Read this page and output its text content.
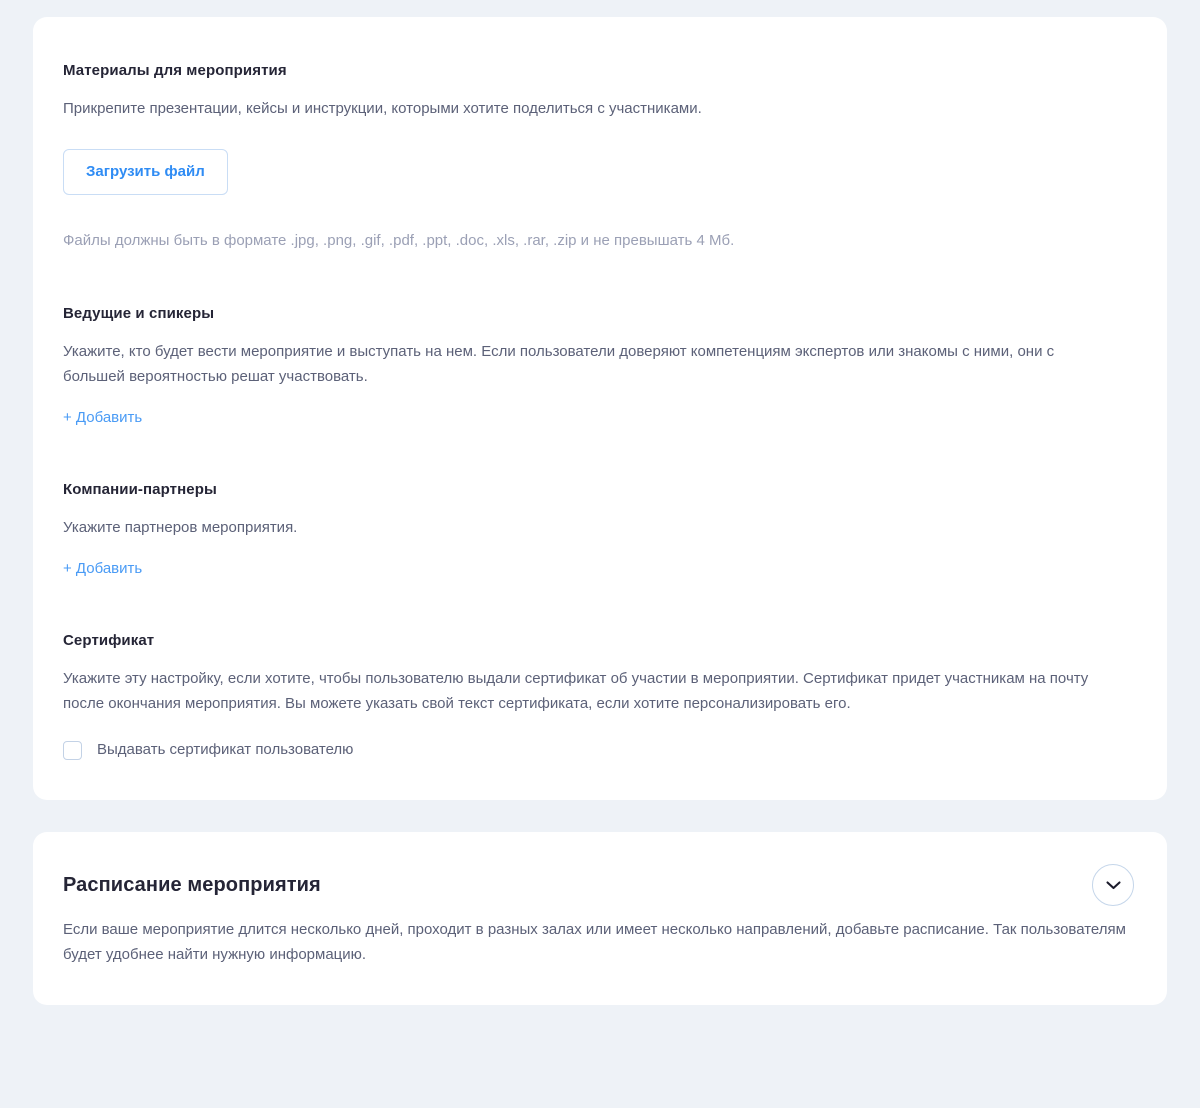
Материалы для мероприятия

Прикрепите презентации, кейсы и инструкции, которыми хотите поделиться с участниками.

Загрузить файл

Файлы должны быть в формате .jpg, .png, .gif, .pdf, .ppt, .doc, .xls, .rar, .zip и не превышать 4 Мб.

Ведущие и спикеры

Укажите, кто будет вести мероприятие и выступать на нем. Если пользователи доверяют компетенциям экспертов или знакомы с ними, они с большей вероятностью решат участвовать.

+ Добавить
Компании-партнеры

Укажите партнеров мероприятия.

+ Добавить
Сертификат

Укажите эту настройку, если хотите, чтобы пользователю выдали сертификат об участии в мероприятии. Сертификат придет участникам на почту после окончания мероприятия. Вы можете указать свой текст сертификата, если хотите персонализировать его.

Выдавать сертификат пользователю
Расписание мероприятия

Если ваше мероприятие длится несколько дней, проходит в разных залах или имеет несколько направлений, добавьте расписание. Так пользователям будет удобнее найти нужную информацию.
